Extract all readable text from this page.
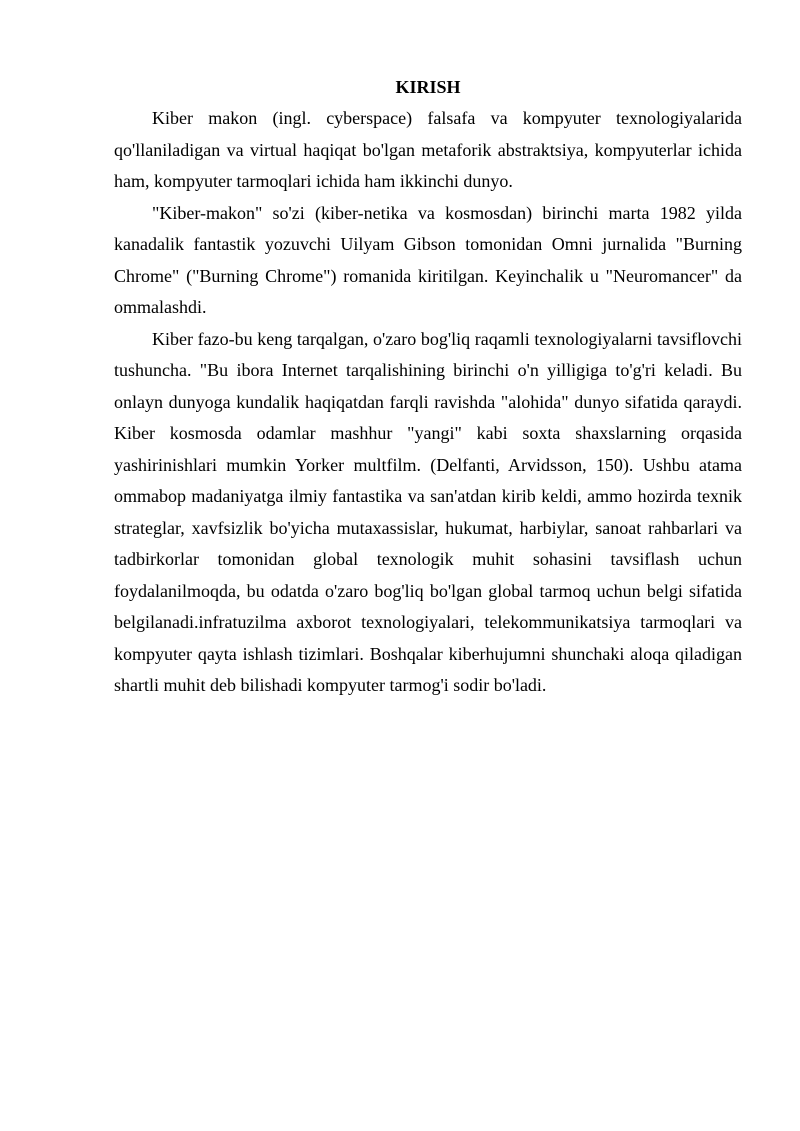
KIRISH

Kiber makon (ingl. cyberspace) falsafa va kompyuter texnologiyalarida qo'llaniladigan va virtual haqiqat bo'lgan metaforik abstraktsiya, kompyuterlar ichida ham, kompyuter tarmoqlari ichida ham ikkinchi dunyo.

"Kiber-makon" so'zi (kiber-netika va kosmosdan) birinchi marta 1982 yilda kanadalik fantastik yozuvchi Uilyam Gibson tomonidan Omni jurnalida "Burning Chrome" ("Burning Chrome") romanida kiritilgan. Keyinchalik u "Neuromancer" da ommalashdi.

Kiber fazo-bu keng tarqalgan, o'zaro bog'liq raqamli texnologiyalarni tavsiflovchi tushuncha. "Bu ibora Internet tarqalishining birinchi o'n yilligiga to'g'ri keladi. Bu onlayn dunyoga kundalik haqiqatdan farqli ravishda "alohida" dunyo sifatida qaraydi. Kiber kosmosda odamlar mashhur "yangi" kabi soxta shaxslarning orqasida yashirinishlari mumkin Yorker multfilm. (Delfanti, Arvidsson, 150). Ushbu atama ommabop madaniyatga ilmiy fantastika va san'atdan kirib keldi, ammo hozirda texnik strateglar, xavfsizlik bo'yicha mutaxassislar, hukumat, harbiylar, sanoat rahbarlari va tadbirkorlar tomonidan global texnologik muhit sohasini tavsiflash uchun foydalanilmoqda, bu odatda o'zaro bog'liq bo'lgan global tarmoq uchun belgi sifatida belgilanadi.infratuzilma axborot texnologiyalari, telekommunikatsiya tarmoqlari va kompyuter qayta ishlash tizimlari. Boshqalar kiberhujumni shunchaki aloqa qiladigan shartli muhit deb bilishadi kompyuter tarmog'i sodir bo'ladi.
